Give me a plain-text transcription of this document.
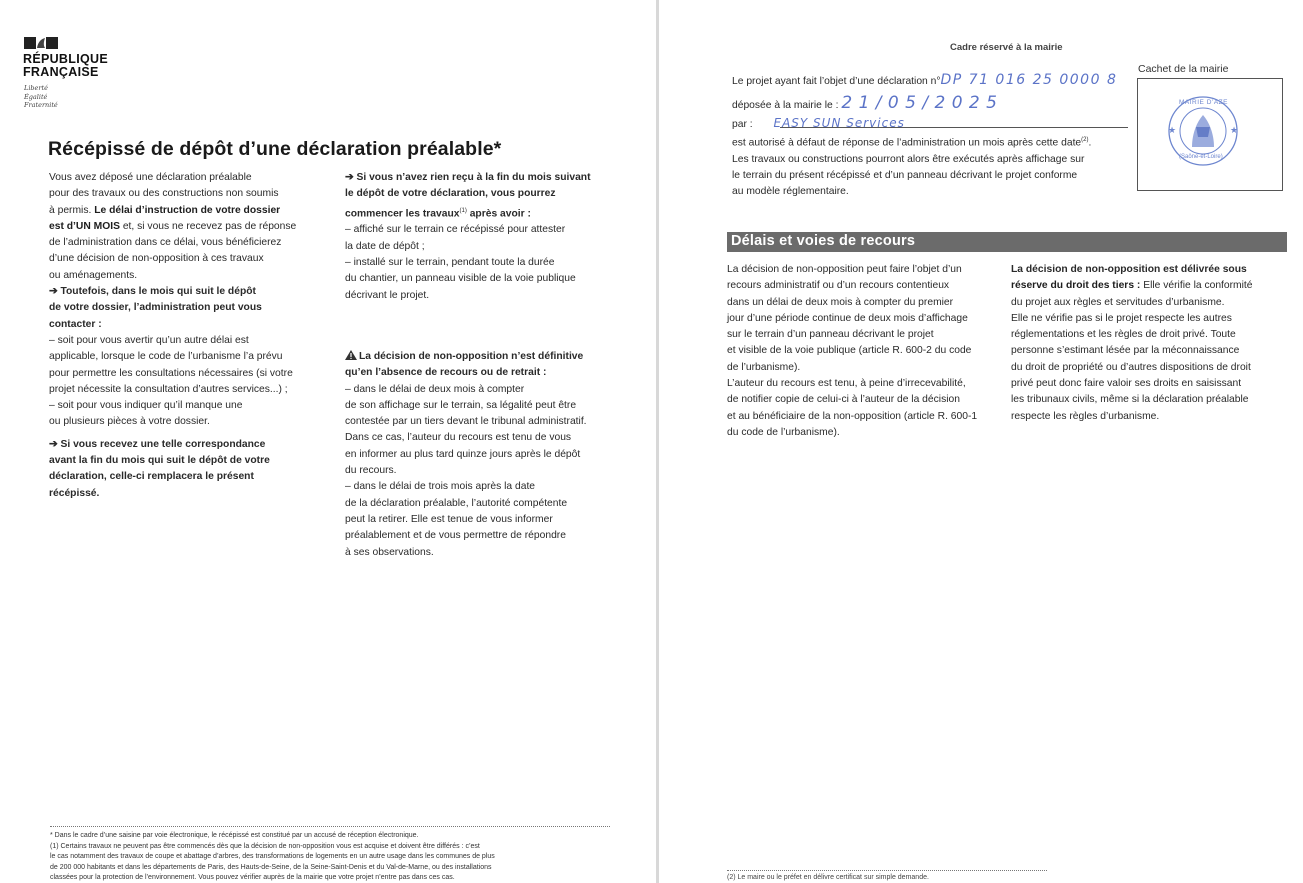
RÉPUBLIQUE
FRANÇAISE
Liberté
Égalité
Fraternité
Récépissé de dépôt d’une déclaration préalable*

Vous avez déposé une déclaration préalable

pour des travaux ou des constructions non soumis

à permis. Le délai d’instruction de votre dossier

est d’UN MOIS et, si vous ne recevez pas de réponse

de l’administration dans ce délai, vous bénéficierez

d’une décision de non-opposition à ces travaux

ou aménagements.

➔ Toutefois, dans le mois qui suit le dépôt

de votre dossier, l’administration peut vous

contacter :

– soit pour vous avertir qu’un autre délai est

applicable, lorsque le code de l’urbanisme l’a prévu

pour permettre les consultations nécessaires (si votre

projet nécessite la consultation d’autres services...) ;

– soit pour vous indiquer qu’il manque une

ou plusieurs pièces à votre dossier.

➔ Si vous recevez une telle correspondance

avant la fin du mois qui suit le dépôt de votre

déclaration, celle-ci remplacera le présent

récépissé.

➔ Si vous n’avez rien reçu à la fin du mois suivant

le dépôt de votre déclaration, vous pourrez

commencer les travaux$^{(1)}$ après avoir :

– affiché sur le terrain ce récépissé pour attester

la date de dépôt ;

– installé sur le terrain, pendant toute la durée

du chantier, un panneau visible de la voie publique

décrivant le projet.

La décision de non-opposition n’est définitive

qu’en l’absence de recours ou de retrait :

– dans le délai de deux mois à compter

de son affichage sur le terrain, sa légalité peut être

contestée par un tiers devant le tribunal administratif.

Dans ce cas, l’auteur du recours est tenu de vous

en informer au plus tard quinze jours après le dépôt

du recours.

– dans le délai de trois mois après la date

de la déclaration préalable, l’autorité compétente

peut la retirer. Elle est tenue de vous informer

préalablement et de vous permettre de répondre

à ses observations.

* Dans le cadre d’une saisine par voie électronique, le récépissé est constitué par un accusé de réception électronique.

(1) Certains travaux ne peuvent pas être commencés dès que la décision de non-opposition vous est acquise et doivent être différés : c’est

le cas notamment des travaux de coupe et abattage d’arbres, des transformations de logements en un autre usage dans les communes de plus

de 200 000 habitants et dans les départements de Paris, des Hauts-de-Seine, de la Seine-Saint-Denis et du Val-de-Marne, ou des installations

classées pour la protection de l’environnement. Vous pouvez vérifier auprès de la mairie que votre projet n’entre pas dans ces cas.

Cadre réservé à la mairie
Cachet de la mairie
★	★
MAIRIE D’AZE
(Saône-et-Loire)
Le projet ayant fait l’objet d’une déclaration n°DP 71 016 25 0000 8
déposée à la mairie le : 2 1 / 0 5 / 2 0 2 5
par : EASY SUN Services

est autorisé à défaut de réponse de l’administration un mois après cette date$^{(2)}$.

Les travaux ou constructions pourront alors être exécutés après affichage sur

le terrain du présent récépissé et d’un panneau décrivant le projet conforme

au modèle réglementaire.

Délais et voies de recours

La décision de non-opposition peut faire l’objet d’un

recours administratif ou d’un recours contentieux

dans un délai de deux mois à compter du premier

jour d’une période continue de deux mois d’affichage

sur le terrain d’un panneau décrivant le projet

et visible de la voie publique (article R. 600-2 du code

de l’urbanisme).

L’auteur du recours est tenu, à peine d’irrecevabilité,

de notifier copie de celui-ci à l’auteur de la décision

et au bénéficiaire de la non-opposition (article R. 600-1

du code de l’urbanisme).

La décision de non-opposition est délivrée sous

réserve du droit des tiers : Elle vérifie la conformité

du projet aux règles et servitudes d’urbanisme.

Elle ne vérifie pas si le projet respecte les autres

réglementations et les règles de droit privé. Toute

personne s’estimant lésée par la méconnaissance

du droit de propriété ou d’autres dispositions de droit

privé peut donc faire valoir ses droits en saisissant

les tribunaux civils, même si la déclaration préalable

respecte les règles d’urbanisme.

(2) Le maire ou le préfet en délivre certificat sur simple demande.
